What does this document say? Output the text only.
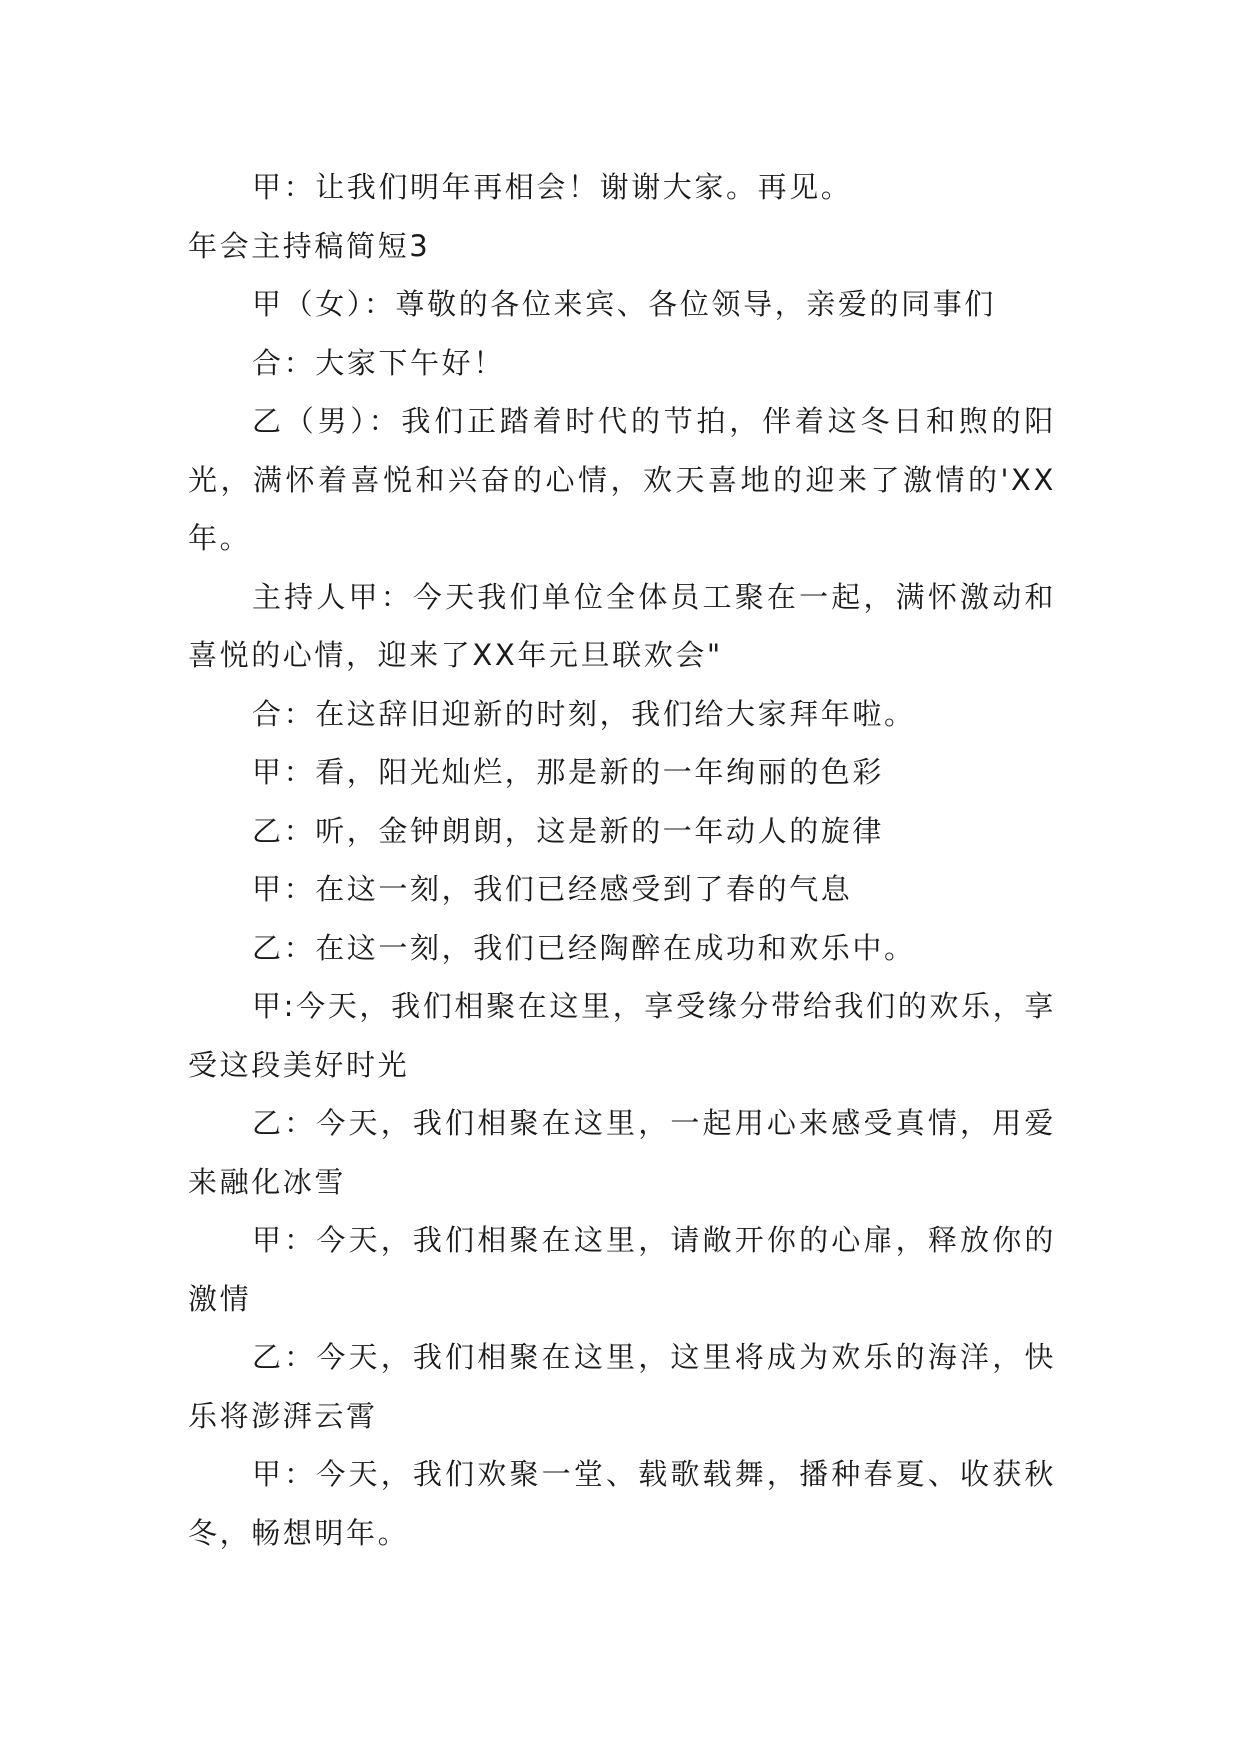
甲：让我们明年再相会！谢谢大家。再见。

年会主持稿简短3

甲（女）：尊敬的各位来宾、各位领导，亲爱的同事们

合：大家下午好！

乙（男）：我们正踏着时代的节拍，伴着这冬日和煦的阳光，满怀着喜悦和兴奋的心情，欢天喜地的迎来了激情的'XX年。

主持人甲：今天我们单位全体员工聚在一起，满怀激动和喜悦的心情，迎来了XX年元旦联欢会"

合：在这辞旧迎新的时刻，我们给大家拜年啦。

甲：看，阳光灿烂，那是新的一年绚丽的色彩

乙：听，金钟朗朗，这是新的一年动人的旋律

甲：在这一刻，我们已经感受到了春的气息

乙：在这一刻，我们已经陶醉在成功和欢乐中。

甲:今天，我们相聚在这里，享受缘分带给我们的欢乐，享受这段美好时光

乙：今天，我们相聚在这里，一起用心来感受真情，用爱来融化冰雪

甲：今天，我们相聚在这里，请敞开你的心扉，释放你的激情

乙：今天，我们相聚在这里，这里将成为欢乐的海洋，快乐将澎湃云霄

甲：今天，我们欢聚一堂、载歌载舞，播种春夏、收获秋冬，畅想明年。
